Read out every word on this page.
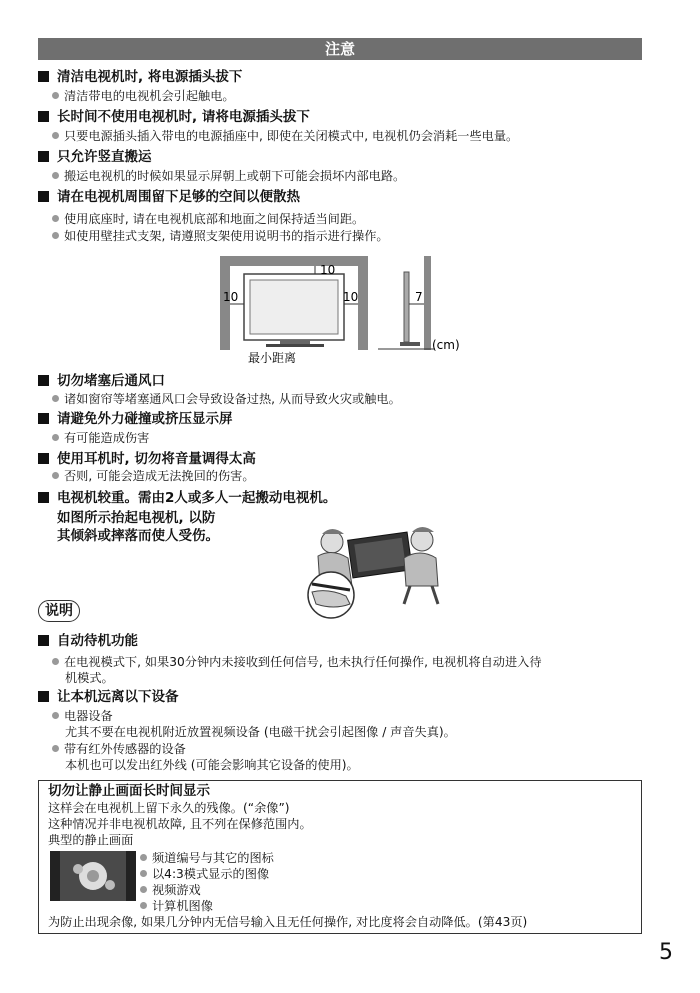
注意
清洁电视机时, 将电源插头拔下
清洁带电的电视机会引起触电。
长时间不使用电视机时, 请将电源插头拔下
只要电源插头插入带电的电源插座中, 即使在关闭模式中, 电视机仍会消耗一些电量。
只允许竖直搬运
搬运电视机的时候如果显示屏朝上或朝下可能会损坏内部电路。
请在电视机周围留下足够的空间以便散热
使用底座时, 请在电视机底部和地面之间保持适当间距。
如使用壁挂式支架, 请遵照支架使用说明书的指示进行操作。
10
10	10	7
(cm)
最小距离
切勿堵塞后通风口
诸如窗帘等堵塞通风口会导致设备过热, 从而导致火灾或触电。
请避免外力碰撞或挤压显示屏
有可能造成伤害
使用耳机时, 切勿将音量调得太高
否则, 可能会造成无法挽回的伤害。
电视机较重。需由2人或多人一起搬动电视机。
如图所示抬起电视机, 以防
其倾斜或摔落而使人受伤。
说明
自动待机功能
在电视模式下, 如果30分钟内未接收到任何信号, 也未执行任何操作, 电视机将自动进入待
机模式。
让本机远离以下设备
电器设备
尤其不要在电视机附近放置视频设备 (电磁干扰会引起图像 / 声音失真)。
带有红外传感器的设备
本机也可以发出红外线 (可能会影响其它设备的使用)。
切勿让静止画面长时间显示
这样会在电视机上留下永久的残像。(“余像”)
这种情况并非电视机故障, 且不列在保修范围内。
典型的静止画面
频道编号与其它的图标
以4:3模式显示的图像
视频游戏
计算机图像
为防止出现余像, 如果几分钟内无信号输入且无任何操作, 对比度将会自动降低。(第43页)
5
